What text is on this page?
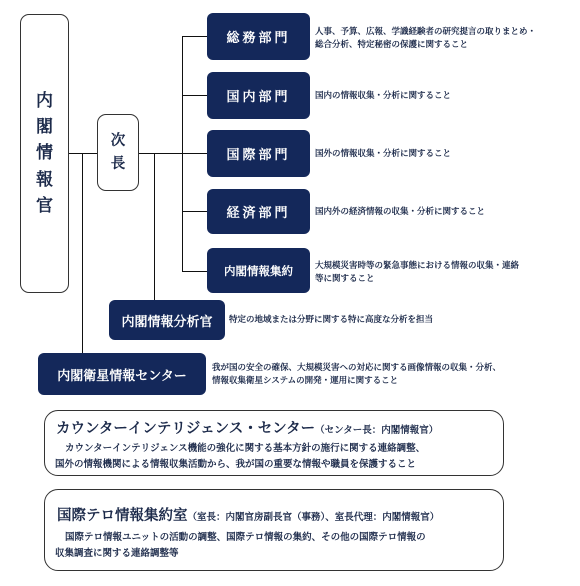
内
閣
情
報
官
次
長
総務部門	人事、予算、広報、学識経験者の研究提言の取りまとめ・
総合分析、特定秘密の保護に関すること
国内部門	国内の情報収集・分析に関すること
国際部門	国外の情報収集・分析に関すること
経済部門	国内外の経済情報の収集・分析に関すること
内閣情報集約	大規模災害時等の緊急事態における情報の収集・連絡
等に関すること
内閣情報分析官 特定の地域または分野に関する特に高度な分析を担当
内閣衛星情報センター
我が国の安全の確保、大規模災害への対応に関する画像情報の収集・分析、
情報収集衛星システムの開発・運用に関すること
カウンターインテリジェンス・センター（センター長：内閣情報官）
カウンターインテリジェンス機能の強化に関する基本方針の施行に関する連絡調整、
国外の情報機関による情報収集活動から、我が国の重要な情報や職員を保護すること
国際テロ情報集約室（室長：内閣官房副長官（事務）、室長代理：内閣情報官）
国際テロ情報ユニットの活動の調整、国際テロ情報の集約、その他の国際テロ情報の
収集調査に関する連絡調整等
